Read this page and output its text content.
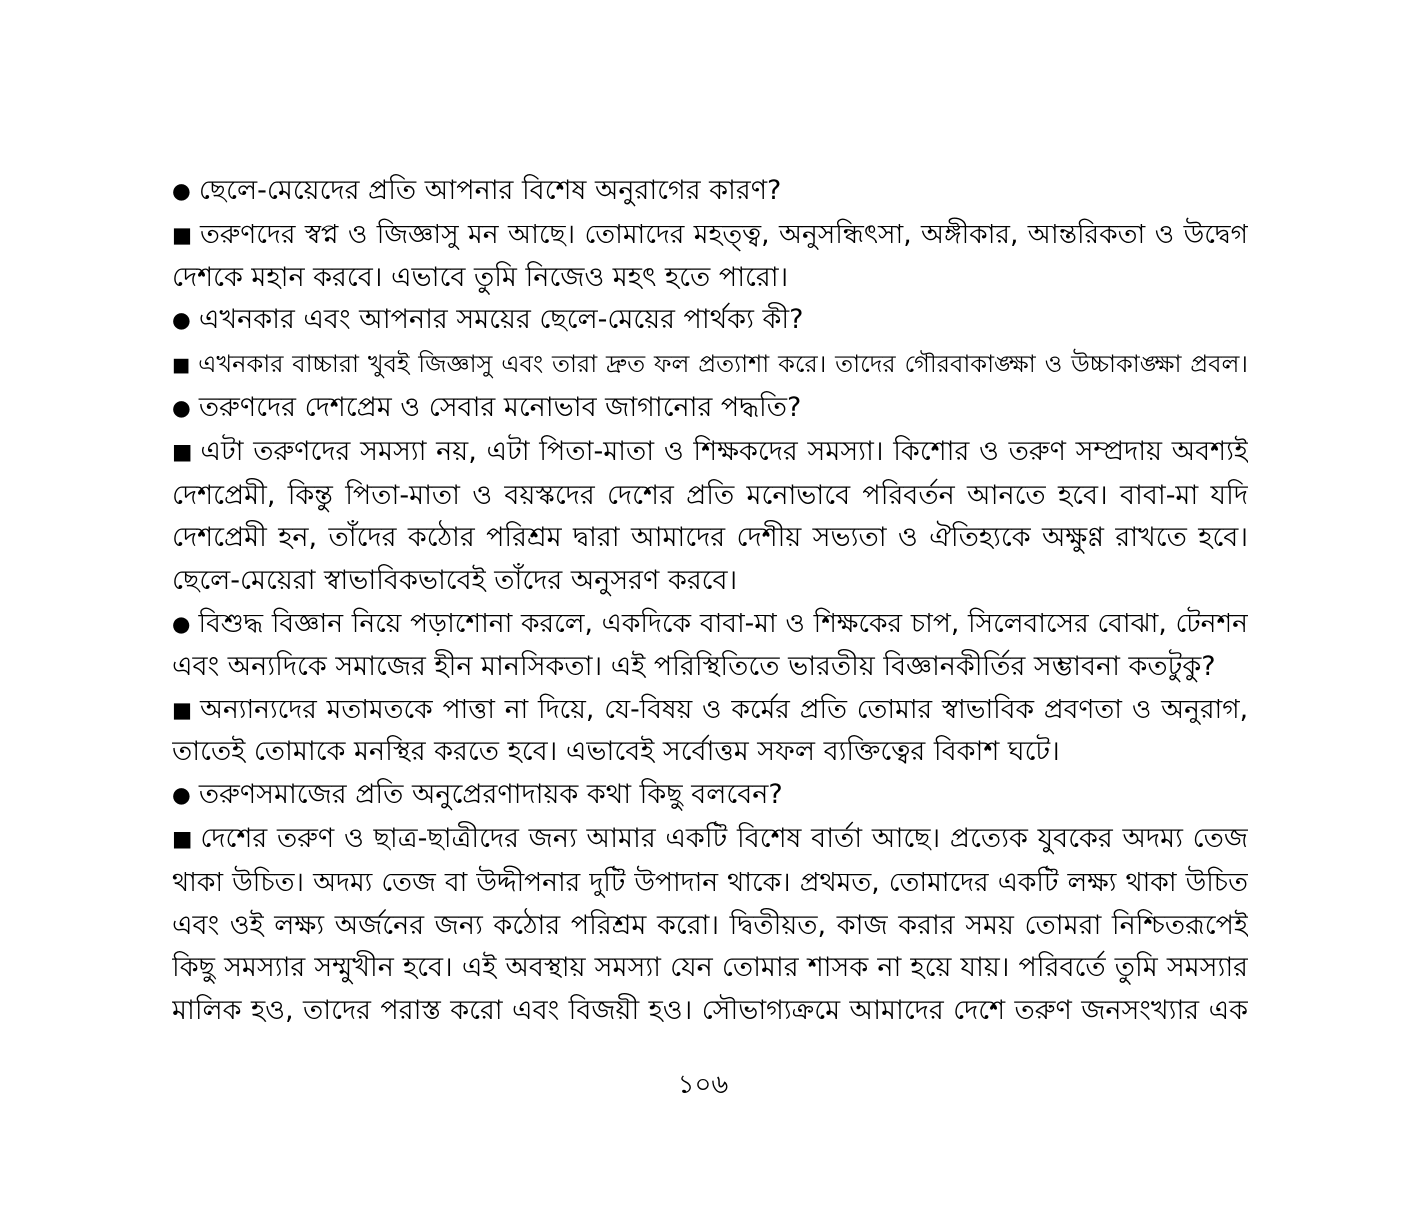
● ছেলে-মেয়েদের প্রতি আপনার বিশেষ অনুরাগের কারণ?
■ তরুণদের স্বপ্ন ও জিজ্ঞাসু মন আছে। তোমাদের মহত্ত্ব, অনুসন্ধিৎসা, অঙ্গীকার, আন্তরিকতা ও উদ্বেগ
দেশকে মহান করবে। এভাবে তুমি নিজেও মহৎ হতে পারো।
● এখনকার এবং আপনার সময়ের ছেলে-মেয়ের পার্থক্য কী?
■ এখনকার বাচ্চারা খুবই জিজ্ঞাসু এবং তারা দ্রুত ফল প্রত্যাশা করে। তাদের গৌরবাকাঙ্ক্ষা ও উচ্চাকাঙ্ক্ষা প্রবল।
● তরুণদের দেশপ্রেম ও সেবার মনোভাব জাগানোর পদ্ধতি?
■ এটা তরুণদের সমস্যা নয়, এটা পিতা-মাতা ও শিক্ষকদের সমস্যা। কিশোর ও তরুণ সম্প্রদায় অবশ্যই
দেশপ্রেমী, কিন্তু পিতা-মাতা ও বয়স্কদের দেশের প্রতি মনোভাবে পরিবর্তন আনতে হবে। বাবা-মা যদি
দেশপ্রেমী হন, তাঁদের কঠোর পরিশ্রম দ্বারা আমাদের দেশীয় সভ্যতা ও ঐতিহ্যকে অক্ষুণ্ণ রাখতে হবে।
ছেলে-মেয়েরা স্বাভাবিকভাবেই তাঁদের অনুসরণ করবে।
● বিশুদ্ধ বিজ্ঞান নিয়ে পড়াশোনা করলে, একদিকে বাবা-মা ও শিক্ষকের চাপ, সিলেবাসের বোঝা, টেনশন
এবং অন্যদিকে সমাজের হীন মানসিকতা। এই পরিস্থিতিতে ভারতীয় বিজ্ঞানকীর্তির সম্ভাবনা কতটুকু?
■ অন্যান্যদের মতামতকে পাত্তা না দিয়ে, যে-বিষয় ও কর্মের প্রতি তোমার স্বাভাবিক প্রবণতা ও অনুরাগ,
তাতেই তোমাকে মনস্থির করতে হবে। এভাবেই সর্বোত্তম সফল ব্যক্তিত্বের বিকাশ ঘটে।
● তরুণসমাজের প্রতি অনুপ্রেরণাদায়ক কথা কিছু বলবেন?
■ দেশের তরুণ ও ছাত্র-ছাত্রীদের জন্য আমার একটি বিশেষ বার্তা আছে। প্রত্যেক যুবকের অদম্য তেজ
থাকা উচিত। অদম্য তেজ বা উদ্দীপনার দুটি উপাদান থাকে। প্রথমত, তোমাদের একটি লক্ষ্য থাকা উচিত
এবং ওই লক্ষ্য অর্জনের জন্য কঠোর পরিশ্রম করো। দ্বিতীয়ত, কাজ করার সময় তোমরা নিশ্চিতরূপেই
কিছু সমস্যার সম্মুখীন হবে। এই অবস্থায় সমস্যা যেন তোমার শাসক না হয়ে যায়। পরিবর্তে তুমি সমস্যার
মালিক হও, তাদের পরাস্ত করো এবং বিজয়ী হও। সৌভাগ্যক্রমে আমাদের দেশে তরুণ জনসংখ্যার এক
১০৬
